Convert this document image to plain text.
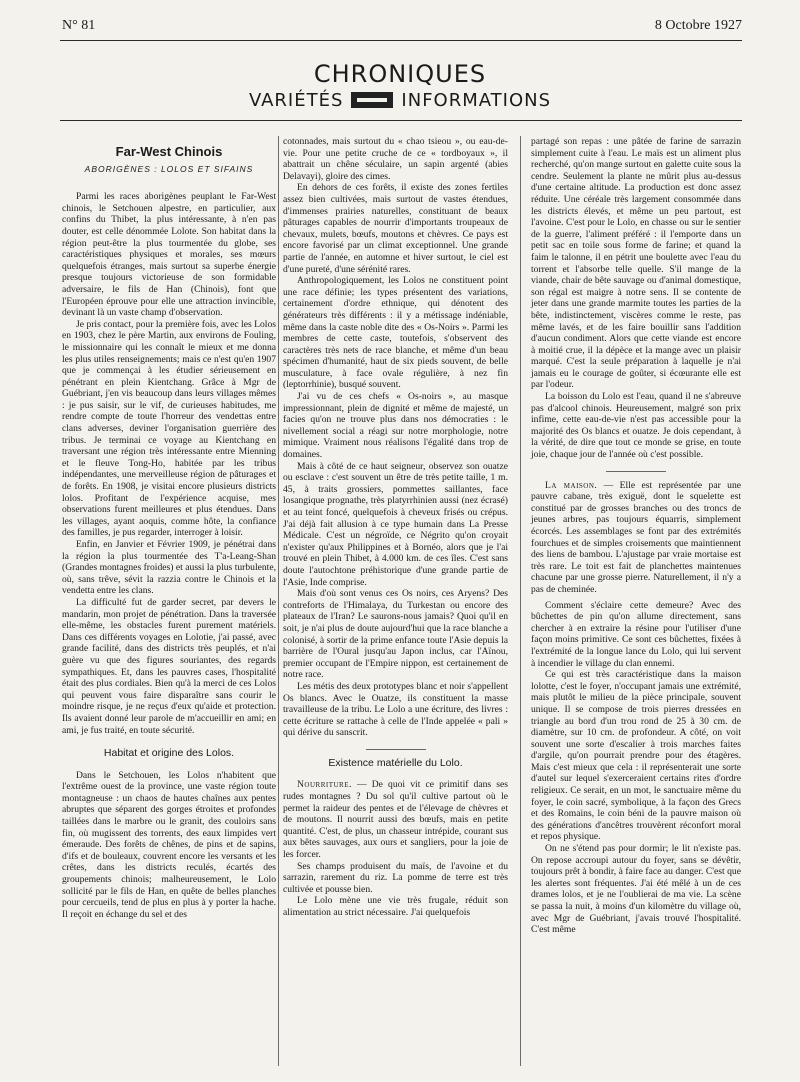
N° 81	8 Octobre 1927
CHRONIQUES
VARIÉTÉS	INFORMATIONS
Far-West Chinois
ABORIGÈNES : LOLOS ET SIFAINS

Parmi les races aborigènes peuplant le Far-West chinois, le Setchouen alpestre, en particulier, aux confins du Thibet, la plus intéressante, à n'en pas douter, est celle dénommée Lolote. Son habitat dans la région peut-être la plus tourmentée du globe, ses caractéristiques physiques et morales, ses mœurs quelquefois étranges, mais surtout sa superbe énergie presque toujours victorieuse de son formidable adversaire, le fils de Han (Chinois), font que l'Européen éprouve pour elle une attraction invincible, devinant là un vaste champ d'observation.

Je pris contact, pour la première fois, avec les Lolos en 1903, chez le père Martin, aux environs de Fouling, le missionnaire qui les connaît le mieux et me donna les plus utiles renseignements; mais ce n'est qu'en 1907 que je commençai à les étudier sérieusement en pénétrant en plein Kientchang. Grâce à Mgr de Guébriant, j'en vis beaucoup dans leurs villages mêmes : je pus saisir, sur le vif, de curieuses habitudes, me rendre compte de toute l'horreur des vendettas entre clans adverses, deviner l'organisation guerrière des tribus. Je terminai ce voyage au Kientchang en traversant une région très intéressante entre Mienning et le fleuve Tong-Ho, habitée par les tribus indépendantes, une merveilleuse région de pâturages et de forêts. En 1908, je visitai encore plusieurs districts lolos. Profitant de l'expérience acquise, mes observations furent meilleures et plus étendues. Dans les villages, ayant aoquis, comme hôte, la confiance des familles, je pus regarder, interroger à loisir.

Enfin, en Janvier et Février 1909, je pénétrai dans la région la plus tourmentée des T'a-Leang-Shan (Grandes montagnes froides) et aussi la plus turbulente, où, sans trêve, sévit la razzia contre le Chinois et la vendetta entre les clans.

La difficulté fut de garder secret, par devers le mandarin, mon projet de pénétration. Dans la traversée elle-même, les obstacles furent purement matériels. Dans ces différents voyages en Lolotie, j'ai passé, avec grande facilité, dans des districts très peuplés, et n'ai guère vu que des figures souriantes, des regards sympathiques. Et, dans les pauvres cases, l'hospitalité était des plus cordiales. Bien qu'à la merci de ces Lolos qui peuvent vous faire disparaître sans courir le moindre risque, je ne reçus d'eux qu'aide et protection. Ils avaient donné leur parole de m'accueillir en ami; en ami, je fus traité, en toute sécurité.

Habitat et origine des Lolos.

Dans le Setchouen, les Lolos n'habitent que l'extrême ouest de la province, une vaste région toute montagneuse : un chaos de hautes chaînes aux pentes abruptes que séparent des gorges étroites et profondes taillées dans le marbre ou le granit, des couloirs sans fin, où mugissent des torrents, des eaux limpides vert émeraude. Des forêts de chênes, de pins et de sapins, d'ifs et de bouleaux, couvrent encore les versants et les crêtes, dans les districts reculés, écartés des groupements chinois; malheureusement, le Lolo sollicité par le fils de Han, en quête de belles planches pour cercueils, tend de plus en plus à y porter la hache. Il reçoit en échange du sel et des

cotonnades, mais surtout du « chao tsieou », ou eau-de-vie. Pour une petite cruche de ce « tordboyaux », il abattrait un chêne séculaire, un sapin argenté (abies Delavayi), gloire des cimes.

En dehors de ces forêts, il existe des zones fertiles assez bien cultivées, mais surtout de vastes étendues, d'immenses prairies naturelles, constituant de beaux pâturages capables de nourrir d'importants troupeaux de chevaux, mulets, bœufs, moutons et chèvres. Ce pays est encore favorisé par un climat exceptionnel. Une grande partie de l'année, en automne et hiver surtout, le ciel est d'une pureté, d'une sérénité rares.

Anthropologiquement, les Lolos ne constituent point une race définie; les types présentent des variations, certainement d'ordre ethnique, qui dénotent des générateurs très différents : il y a métissage indéniable, même dans la caste noble dite des « Os-Noirs ». Parmi les membres de cette caste, toutefois, s'observent des caractères très nets de race blanche, et même d'un beau spécimen d'humanité, haut de six pieds souvent, de belle musculature, à face ovale régulière, à nez fin (leptorrhinie), busqué souvent.

J'ai vu de ces chefs « Os-noirs », au masque impressionnant, plein de dignité et même de majesté, un facies qu'on ne trouve plus dans nos démocraties : le nivellement social a réagi sur notre morphologie, notre mimique. Vraiment nous réalisons l'égalité dans trop de domaines.

Mais à côté de ce haut seigneur, observez son ouatze ou esclave : c'est souvent un être de très petite taille, 1 m. 45, à traits grossiers, pommettes saillantes, face losangique prognathe, très platyrrhinien aussi (nez écrasé) et au teint foncé, quelquefois à cheveux frisés ou crépus. J'ai déjà fait allusion à ce type humain dans La Presse Médicale. C'est un négroïde, ce Négrito qu'on croyait n'exister qu'aux Philippines et à Bornéo, alors que je l'ai trouvé en plein Thibet, à 4.000 km. de ces îles. C'est sans doute l'autochtone préhistorique d'une grande partie de l'Asie, Inde comprise.

Mais d'où sont venus ces Os noirs, ces Aryens? Des contreforts de l'Himalaya, du Turkestan ou encore des plateaux de l'Iran? Le saurons-nous jamais? Quoi qu'il en soit, je n'ai plus de doute aujourd'hui que la race blanche a colonisé, à sortir de la prime enfance toute l'Asie depuis la barrière de l'Oural jusqu'au Japon inclus, car l'Aïnou, premier occupant de l'Empire nippon, est certainement de notre race.

Les métis des deux prototypes blanc et noir s'appellent Os blancs. Avec le Ouatze, ils constituent la masse travailleuse de la tribu. Le Lolo a une écriture, des livres : cette écriture se rattache à celle de l'Inde appelée « pali » qui dérive du sanscrit.

Existence matérielle du Lolo.

Nourriture. — De quoi vit ce primitif dans ses rudes montagnes ? Du sol qu'il cultive partout où le permet la raideur des pentes et de l'élevage de chèvres et de moutons. Il nourrit aussi des bœufs, mais en petite quantité. C'est, de plus, un chasseur intrépide, courant sus aux bêtes sauvages, aux ours et sangliers, pour la joie de les forcer.

Ses champs produisent du maïs, de l'avoine et du sarrazin, rarement du riz. La pomme de terre est très cultivée et pousse bien.

Le Lolo mène une vie très frugale, réduit son alimentation au strict nécessaire. J'ai quelquefois

partagé son repas : une pâtée de farine de sarrazin simplement cuite à l'eau. Le maïs est un aliment plus recherché, qu'on mange surtout en galette cuite sous la cendre. Seulement la plante ne mûrit plus au-dessus d'une certaine altitude. La production est donc assez réduite. Une céréale très largement consommée dans les districts élevés, et même un peu partout, est l'avoine. C'est pour le Lolo, en chasse ou sur le sentier de la guerre, l'aliment préféré : il l'emporte dans un petit sac en toile sous forme de farine; et quand la faim le talonne, il en pétrit une boulette avec l'eau du torrent et l'absorbe telle quelle. S'il mange de la viande, chair de bête sauvage ou d'animal domestique, son régal est maigre à notre sens. Il se contente de jeter dans une grande marmite toutes les parties de la bête, indistinctement, viscères comme le reste, pas même lavés, et de les faire bouillir sans l'addition d'aucun condiment. Alors que cette viande est encore à moitié crue, il la dépèce et la mange avec un plaisir marqué. C'est la seule préparation à laquelle je n'ai jamais eu le courage de goûter, si écœurante elle est par l'odeur.

La boisson du Lolo est l'eau, quand il ne s'abreuve pas d'alcool chinois. Heureusement, malgré son prix infime, cette eau-de-vie n'est pas accessible pour la majorité des Os blancs et ouatze. Je dois cependant, à la vérité, de dire que tout ce monde se grise, en toute joie, chaque jour de l'année où c'est possible.

La maison. — Elle est représentée par une pauvre cabane, très exiguë, dont le squelette est constitué par de grosses branches ou des troncs de jeunes arbres, pas toujours équarris, simplement écorcés. Les assemblages se font par des extrémités fourchues et de simples croisements que maintiennent des liens de bambou. L'ajustage par vraie mortaise est très rare. Le toit est fait de planchettes maintenues chacune par une grosse pierre. Naturellement, il n'y a pas de cheminée.

Comment s'éclaire cette demeure? Avec des bûchettes de pin qu'on allume directement, sans chercher à en extraire la résine pour l'utiliser d'une façon moins primitive. Ce sont ces bûchettes, fixées à l'extrémité de la longue lance du Lolo, qui lui servent à incendier le village du clan ennemi.

Ce qui est très caractéristique dans la maison lolotte, c'est le foyer, n'occupant jamais une extrémité, mais plutôt le milieu de la pièce principale, souvent unique. Il se compose de trois pierres dressées en triangle au bord d'un trou rond de 25 à 30 cm. de diamètre, sur 10 cm. de profondeur. A côté, on voit souvent une sorte d'escalier à trois marches faites d'argile, qu'on pourrait prendre pour des étagères. Mais c'est mieux que cela : il représenterait une sorte d'autel sur lequel s'exerceraient certains rites d'ordre religieux. Ce serait, en un mot, le sanctuaire même du foyer, le coin sacré, symbolique, à la façon des Grecs et des Romains, le coin béni de la pauvre maison où des générations d'ancêtres trouvèrent réconfort moral et repos physique.

On ne s'étend pas pour dormir; le lit n'existe pas. On repose accroupi autour du foyer, sans se dévêtir, toujours prêt à bondir, à faire face au danger. C'est que les alertes sont fréquentes. J'ai été mêlé à un de ces drames lolos, et je ne l'oublierai de ma vie. La scène se passa la nuit, à moins d'un kilomètre du village où, avec Mgr de Guébriant, j'avais trouvé l'hospitalité. C'est même
